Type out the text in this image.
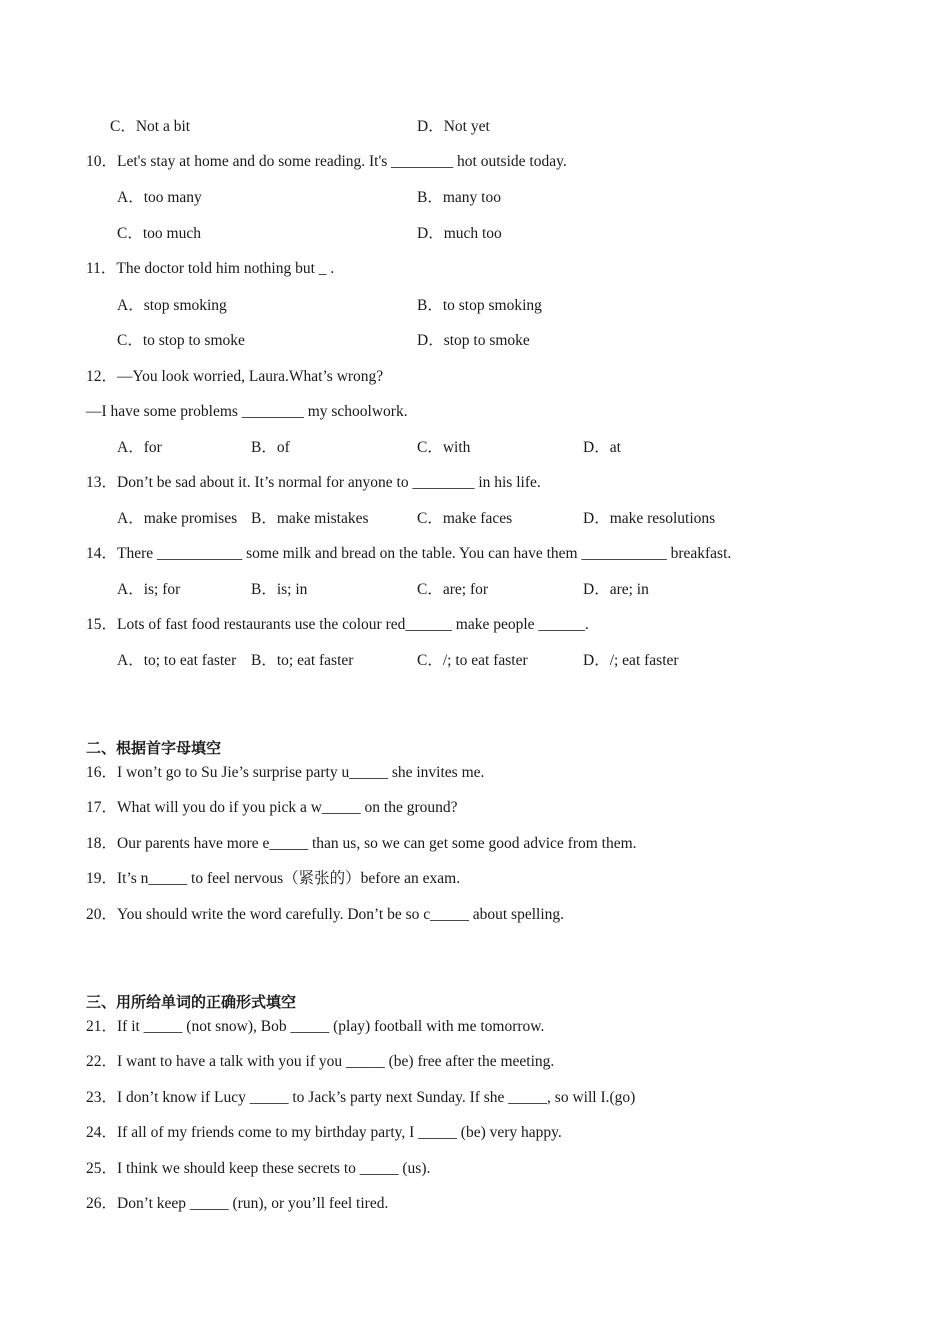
C．Not a bit	D．Not yet
10．Let's stay at home and do some reading. It's ________ hot outside today.
A．too many	B．many too
C．too much	D．much too
11．The doctor told him nothing but _ .
A．stop smoking	B．to stop smoking
C．to stop to smoke	D．stop to smoke
12．—You look worried, Laura.What’s wrong?
—I have some problems ________ my schoolwork.
A．for	B．of	C．with	D．at
13．Don’t be sad about it. It’s normal for anyone to ________ in his life.
A．make promises B．make mistakes	C．make faces	D．make resolutions
14．There ___________ some milk and bread on the table. You can have them ___________ breakfast.
A．is; for	B．is; in	C．are; for	D．are; in
15．Lots of fast food restaurants use the colour red______ make people ______.
A．to; to eat faster B．to; eat faster	C．/; to eat faster	D．/; eat faster
二、根据首字母填空
16．I won’t go to Su Jie’s surprise party u_____ she invites me.
17．What will you do if you pick a w_____ on the ground?
18．Our parents have more e_____ than us, so we can get some good advice from them.
19．It’s n_____ to feel nervous（紧张的）before an exam.
20．You should write the word carefully. Don’t be so c_____ about spelling.
三、用所给单词的正确形式填空
21．If it _____ (not snow), Bob _____ (play) football with me tomorrow.
22．I want to have a talk with you if you _____ (be) free after the meeting.
23．I don’t know if Lucy _____ to Jack’s party next Sunday. If she _____, so will I.(go)
24．If all of my friends come to my birthday party, I _____ (be) very happy.
25．I think we should keep these secrets to _____ (us).
26．Don’t keep _____ (run), or you’ll feel tired.
